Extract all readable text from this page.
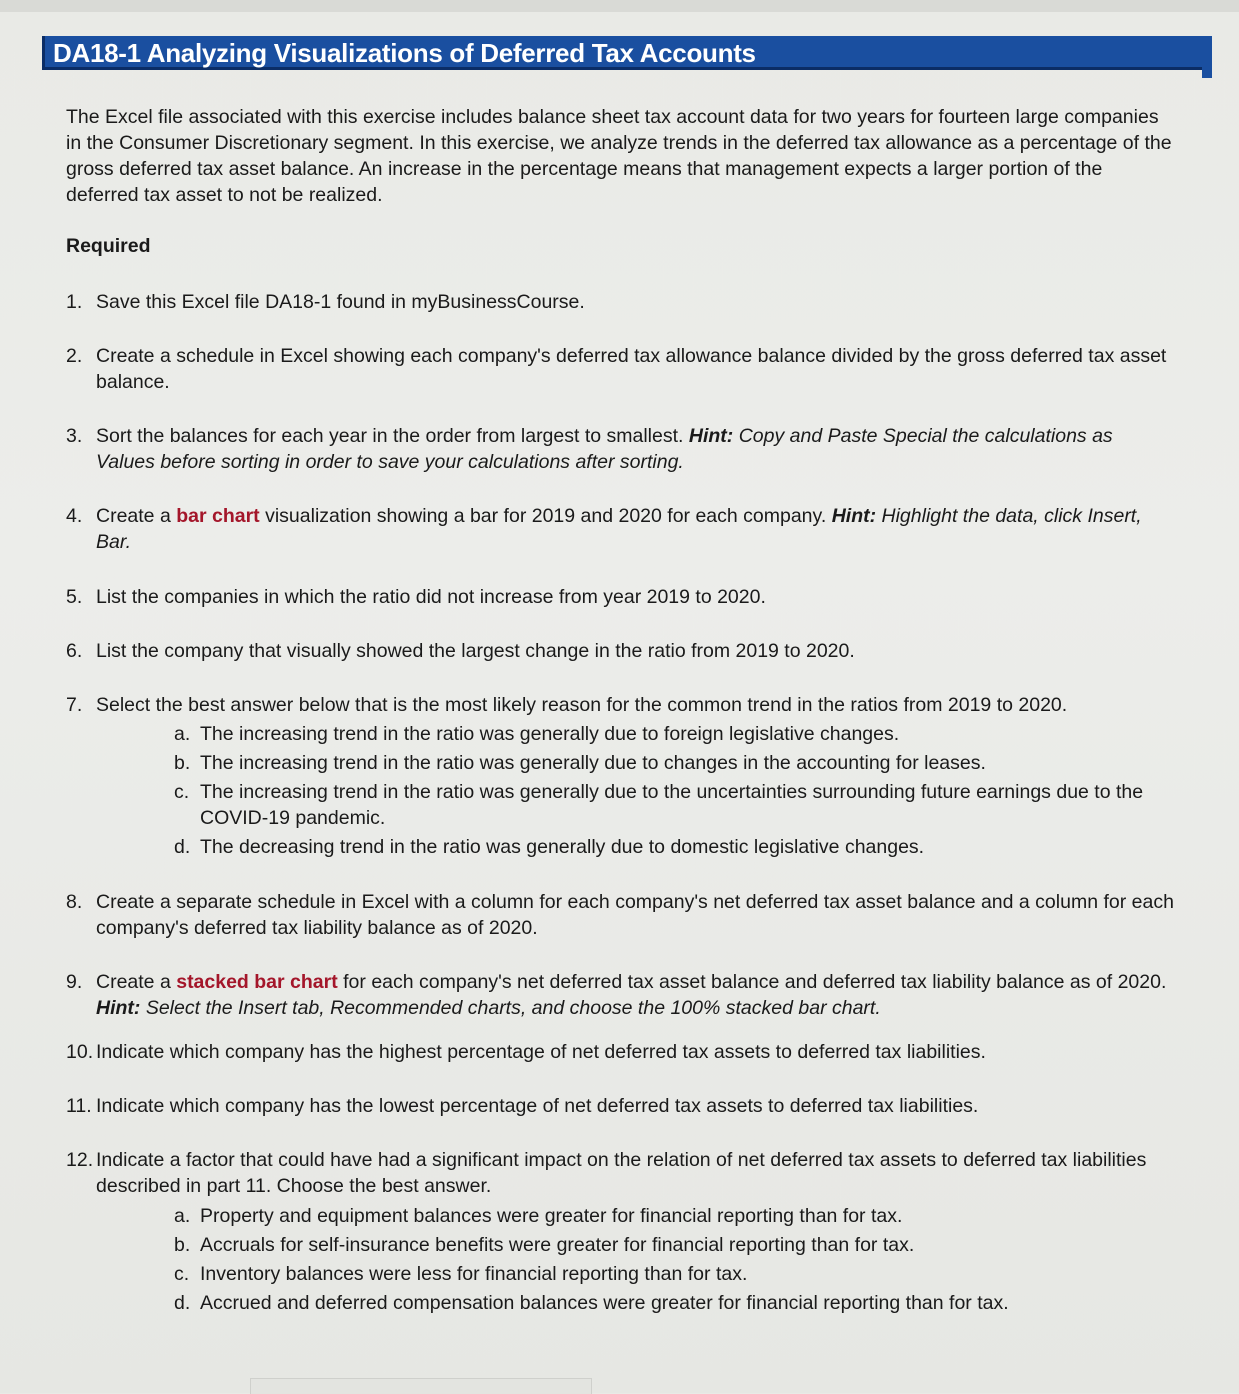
DA18-1 Analyzing Visualizations of Deferred Tax Accounts

The Excel file associated with this exercise includes balance sheet tax account data for two years for fourteen large companies in the Consumer Discretionary segment. In this exercise, we analyze trends in the deferred tax allowance as a percentage of the gross deferred tax asset balance. An increase in the percentage means that management expects a larger portion of the deferred tax asset to not be realized.

Required

1. Save this Excel file DA18-1 found in myBusinessCourse.
2. Create a schedule in Excel showing each company's deferred tax allowance balance divided by the gross deferred tax asset balance.
3. Sort the balances for each year in the order from largest to smallest. Hint: Copy and Paste Special the calculations as Values before sorting in order to save your calculations after sorting.
4. Create a bar chart visualization showing a bar for 2019 and 2020 for each company. Hint: Highlight the data, click Insert, Bar.
5. List the companies in which the ratio did not increase from year 2019 to 2020.
6. List the company that visually showed the largest change in the ratio from 2019 to 2020.
7. Select the best answer below that is the most likely reason for the common trend in the ratios from 2019 to 2020.
a. The increasing trend in the ratio was generally due to foreign legislative changes.
b. The increasing trend in the ratio was generally due to changes in the accounting for leases.
c. The increasing trend in the ratio was generally due to the uncertainties surrounding future earnings due to the COVID-19 pandemic.
d. The decreasing trend in the ratio was generally due to domestic legislative changes.
8. Create a separate schedule in Excel with a column for each company's net deferred tax asset balance and a column for each company's deferred tax liability balance as of 2020.
9. Create a stacked bar chart for each company's net deferred tax asset balance and deferred tax liability balance as of 2020. Hint: Select the Insert tab, Recommended charts, and choose the 100% stacked bar chart.
10. Indicate which company has the highest percentage of net deferred tax assets to deferred tax liabilities.
11. Indicate which company has the lowest percentage of net deferred tax assets to deferred tax liabilities.
12. Indicate a factor that could have had a significant impact on the relation of net deferred tax assets to deferred tax liabilities described in part 11. Choose the best answer.
a. Property and equipment balances were greater for financial reporting than for tax.
b. Accruals for self-insurance benefits were greater for financial reporting than for tax.
c. Inventory balances were less for financial reporting than for tax.
d. Accrued and deferred compensation balances were greater for financial reporting than for tax.
